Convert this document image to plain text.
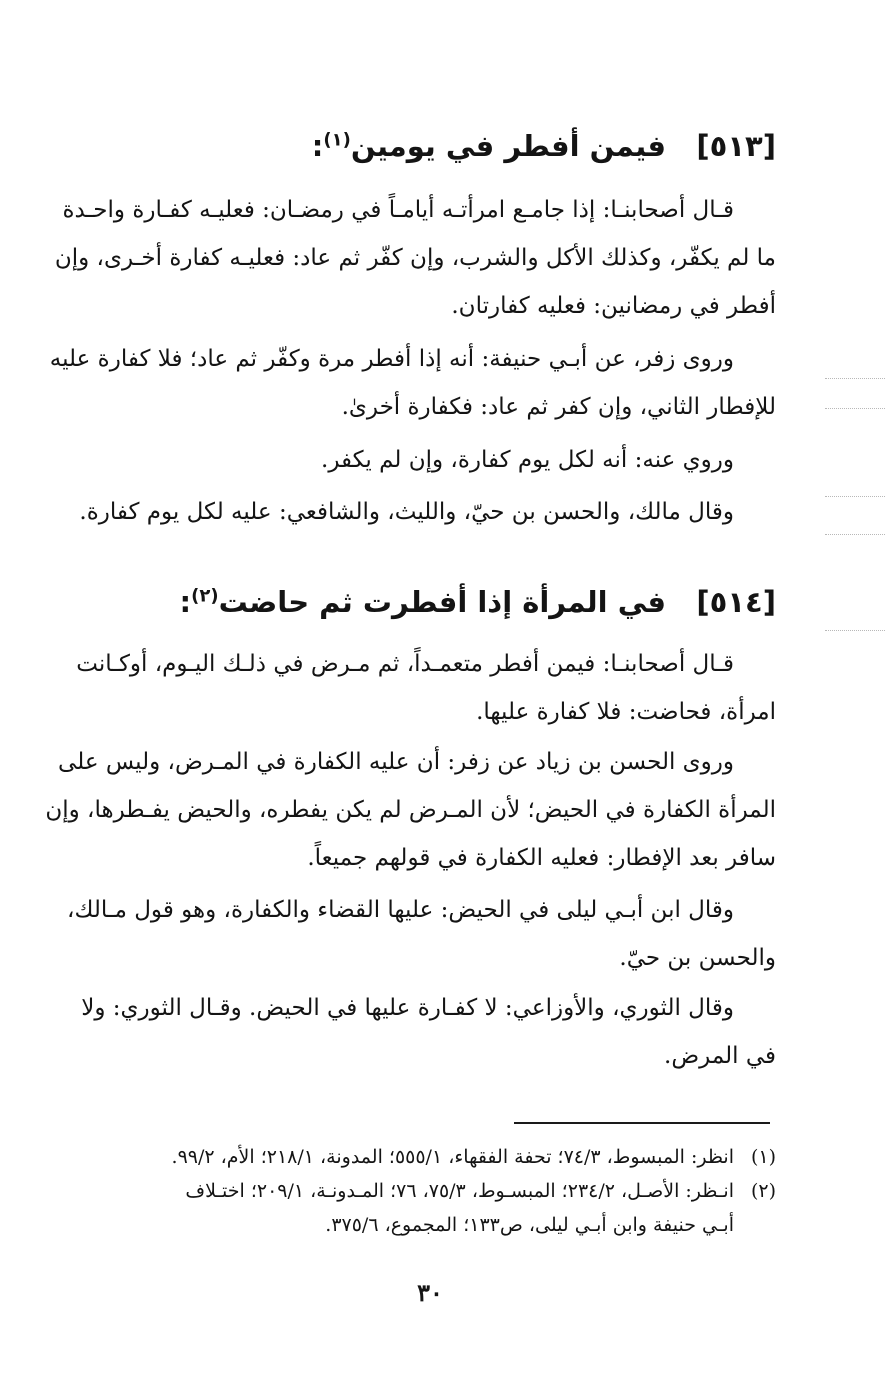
[٥١٣]   فيمن أفطر في يومين$^{(١)}$:
قـال أصحابنـا: إذا جامـع امرأتـه أيامـاً في رمضـان: فعليـه كفـارة واحـدة
ما لم يكفّر، وكذلك الأكل والشرب، وإن كفّر ثم عاد: فعليـه كفارة أخـرى، وإن
أفطر في رمضانين: فعليه كفارتان.
وروى زفر، عن أبـي حنيفة: أنه إذا أفطر مرة وكفّر ثم عاد؛ فلا كفارة عليه
للإفطار الثاني، وإن كفر ثم عاد: فكفارة أخرىٰ.
وروي عنه: أنه لكل يوم كفارة، وإن لم يكفر.
وقال مالك، والحسن بن حيّ، والليث، والشافعي: عليه لكل يوم كفارة.
[٥١٤]   في المرأة إذا أفطرت ثم حاضت$^{(٢)}$:
قـال أصحابنـا: فيمن أفطر متعمـداً، ثم مـرض في ذلـك اليـوم، أوكـانت
امرأة، فحاضت: فلا كفارة عليها.
وروى الحسن بن زياد عن زفر: أن عليه الكفارة في المـرض، وليس على
المرأة الكفارة في الحيض؛ لأن المـرض لم يكن يفطره، والحيض يفـطرها، وإن
سافر بعد الإفطار: فعليه الكفارة في قولهم جميعاً.
وقال ابن أبـي ليلى في الحيض: عليها القضاء والكفارة، وهو قول مـالك،
والحسن بن حيّ.
وقال الثوري، والأوزاعي: لا كفـارة عليها في الحيض. وقـال الثوري: ولا
في المرض.
(١)
انظر: المبسوط، ٧٤/٣؛ تحفة الفقهاء، ٥٥٥/١؛ المدونة، ٢١٨/١؛ الأم، ٩٩/٢.
(٢)
انـظر: الأصـل، ٢٣٤/٢؛ المبسـوط، ٧٥/٣، ٧٦؛ المـدونـة، ٢٠٩/١؛ اختـلاف
أبـي حنيفة وابن أبـي ليلى، ص١٣٣؛ المجموع، ٣٧٥/٦.
٣٠
